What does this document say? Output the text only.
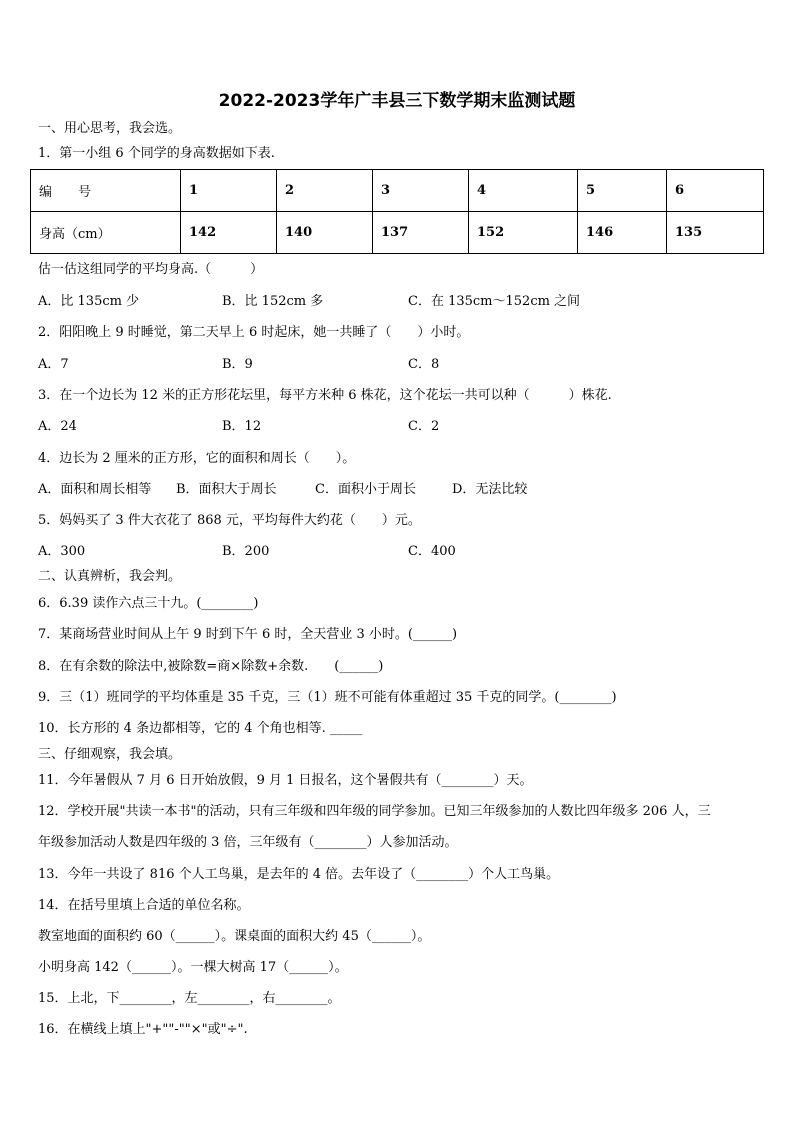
2022-2023学年广丰县三下数学期末监测试题
一、用心思考，我会选。
1．第一小组 6 个同学的身高数据如下表.
编　　号	1	2	3	4	5	6
身高（cm）	142	140	137	152	146	135
估一估这组同学的平均身高.（　　　）
A．比 135cm 少	B．比 152cm 多	C．在 135cm～152cm 之间
2．阳阳晚上 9 时睡觉，第二天早上 6 时起床，她一共睡了（　　）小时。
A．7	B．9	C．8
3．在一个边长为 12 米的正方形花坛里，每平方米种 6 株花，这个花坛一共可以种（　　　）株花.
A．24	B．12	C．2
4．边长为 2 厘米的正方形，它的面积和周长（　　）。
A．面积和周长相等 B．面积大于周长	C．面积小于周长	D．无法比较
5．妈妈买了 3 件大衣花了 868 元，平均每件大约花（　　）元。
A．300	B．200	C．400
二、认真辨析，我会判。
6．6.39 读作六点三十九。(________)
7．某商场营业时间从上午 9 时到下午 6 时，全天营业 3 小时。(______)
8．在有余数的除法中,被除数=商×除数+余数.　　(______)
9．三（1）班同学的平均体重是 35 千克，三（1）班不可能有体重超过 35 千克的同学。(________)
10．长方形的 4 条边都相等，它的 4 个角也相等. _____
三、仔细观察，我会填。
11．今年暑假从 7 月 6 日开始放假，9 月 1 日报名，这个暑假共有（________）天。
12．学校开展"共读一本书"的活动，只有三年级和四年级的同学参加。已知三年级参加的人数比四年级多 206 人，三
年级参加活动人数是四年级的 3 倍，三年级有（________）人参加活动。
13．今年一共设了 816 个人工鸟巢，是去年的 4 倍。去年设了（________）个人工鸟巢。
14．在括号里填上合适的单位名称。
教室地面的面积约 60（______）。课桌面的面积大约 45（______）。
小明身高 142（______）。一棵大树高 17（______）。
15．上北，下________，左________，右________。
16．在横线上填上"+""-""×"或"÷".
